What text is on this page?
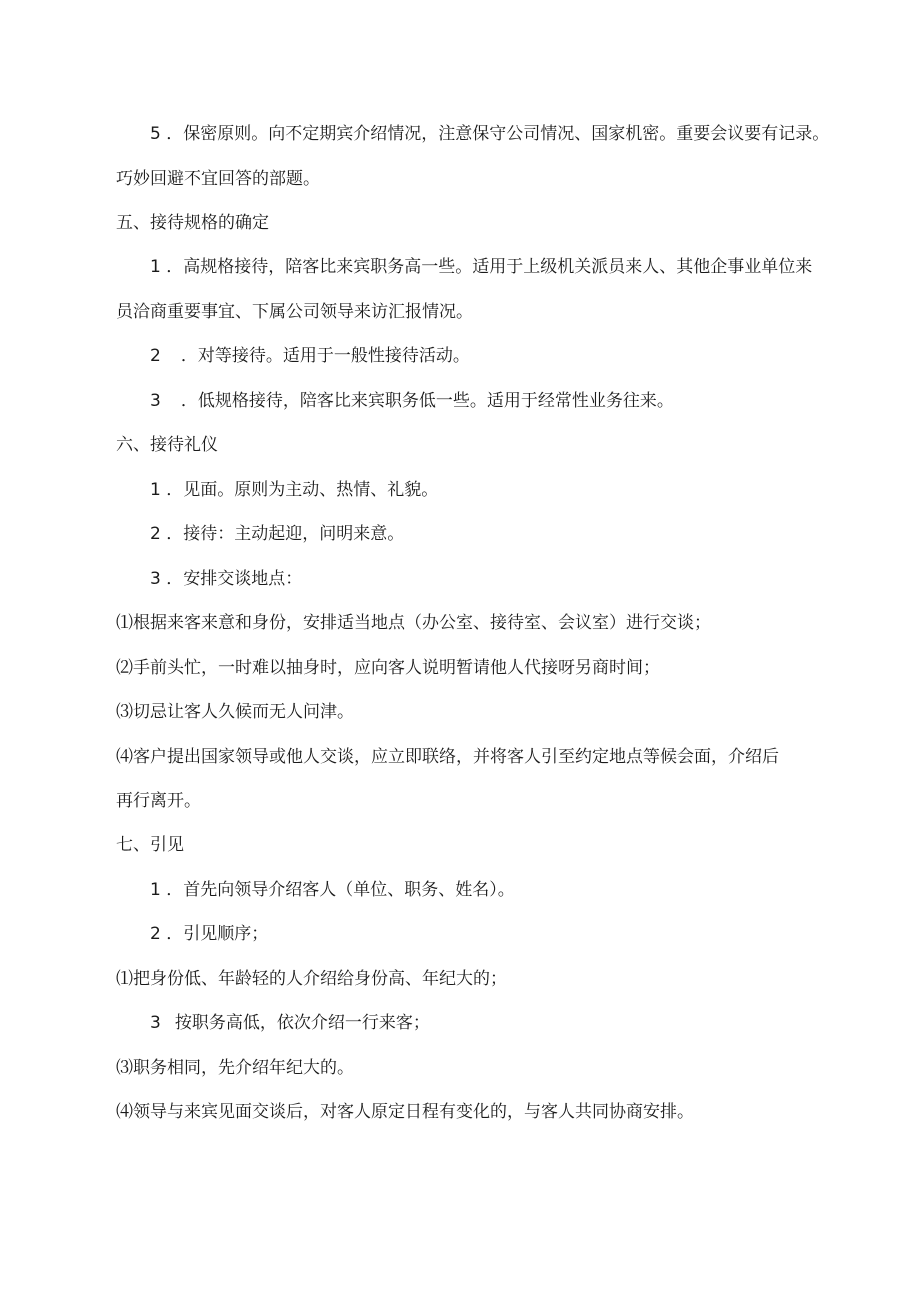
5 ．保密原则。向不定期宾介绍情况，注意保守公司情况、国家机密。重要会议要有记录。
巧妙回避不宜回答的部题。
五、接待规格的确定
1 ．高规格接待，陪客比来宾职务高一些。适用于上级机关派员来人、其他企事业单位来
员洽商重要事宜、下属公司领导来访汇报情况。
2 ．对等接待。适用于一般性接待活动。
3 ．低规格接待，陪客比来宾职务低一些。适用于经常性业务往来。
六、接待礼仪
1 ．见面。原则为主动、热情、礼貌。
2 ．接待：主动起迎，问明来意。
3 ．安排交谈地点：
⑴根据来客来意和身份，安排适当地点（办公室、接待室、会议室）进行交谈；
⑵手前头忙，一时难以抽身时，应向客人说明暂请他人代接呀另商时间；
⑶切忌让客人久候而无人问津。
⑷客户提出国家领导或他人交谈，应立即联络，并将客人引至约定地点等候会面，介绍后
再行离开。
七、引见
1 ．首先向领导介绍客人（单位、职务、姓名）。
2 ．引见顺序；
⑴把身份低、年龄轻的人介绍给身份高、年纪大的；
3 按职务高低，依次介绍一行来客；
⑶职务相同，先介绍年纪大的。
⑷领导与来宾见面交谈后，对客人原定日程有变化的，与客人共同协商安排。
